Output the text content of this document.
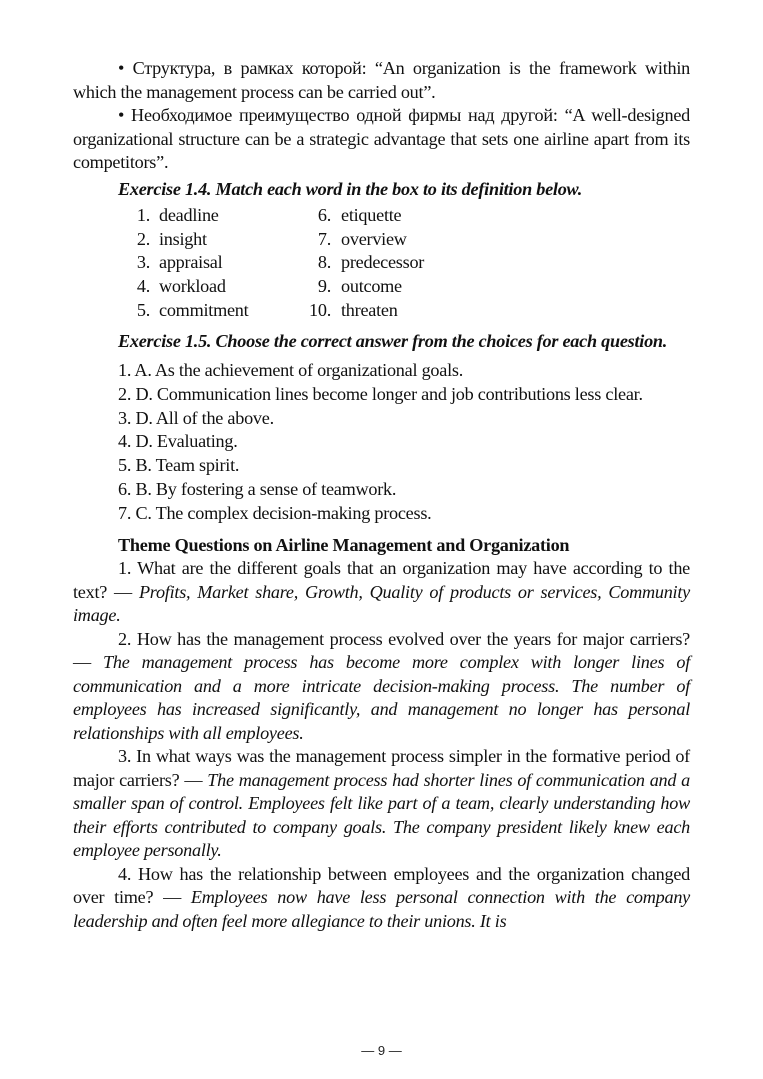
• Структура, в рамках которой: “An organization is the framework within which the management process can be carried out”.

• Необходимое преимущество одной фирмы над другой: “A well-designed organizational structure can be a strategic advantage that sets one airline apart from its competitors”.

Exercise 1.4. Match each word in the box to its definition below.

1.	deadline	6.	etiquette
2.	insight	7.	overview
3.	appraisal	8.	predecessor
4.	workload	9.	outcome
5.	commitment	10.	threaten

Exercise 1.5. Choose the correct answer from the choices for each question.

1. A. As the achievement of organizational goals.

2. D. Communication lines become longer and job contributions less clear.

3. D. All of the above.

4. D. Evaluating.

5. B. Team spirit.

6. B. By fostering a sense of teamwork.

7. C. The complex decision-making process.

Theme Questions on Airline Management and Organization

1. What are the different goals that an organization may have according to the text? — Profits, Market share, Growth, Quality of products or services, Community image.

2. How has the management process evolved over the years for major carriers? — The management process has become more complex with longer lines of communication and a more intricate decision-making process. The number of employees has increased significantly, and management no longer has personal relationships with all employees.

3. In what ways was the management process simpler in the formative period of major carriers? — The management process had shorter lines of communication and a smaller span of control. Employees felt like part of a team, clearly understanding how their efforts contributed to company goals. The company president likely knew each employee personally.

4. How has the relationship between employees and the organization changed over time? — Employees now have less personal connection with the company leadership and often feel more allegiance to their unions. It is

— 9 —
